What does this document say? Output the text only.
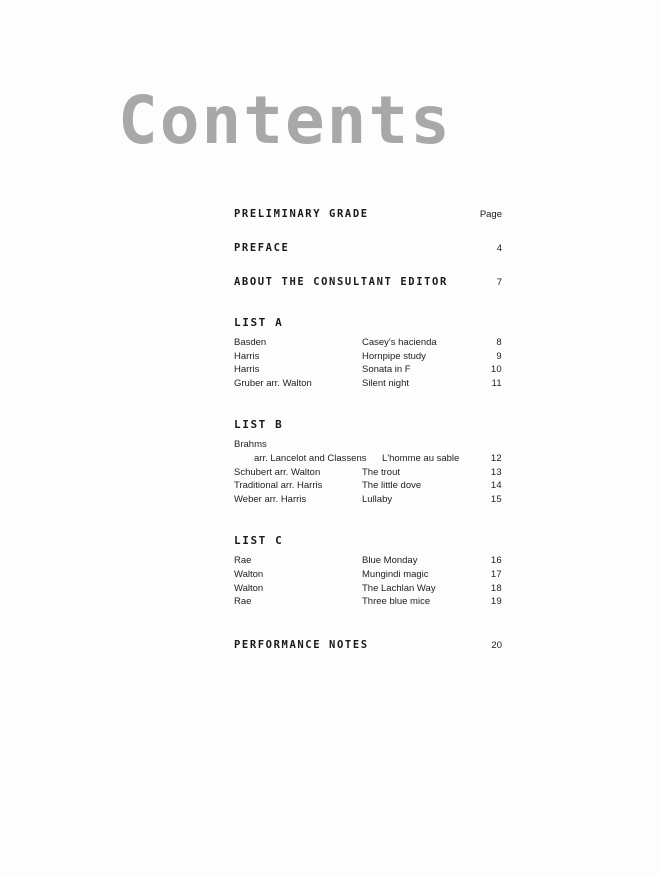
Contents
PRELIMINARY GRADE	Page
PREFACE	4
ABOUT THE CONSULTANT EDITOR	7
LIST A
Basden	Casey's hacienda	8
Harris	Hornpipe study	9
Harris	Sonata in F	10
Gruber arr. Walton	Silent night	11
LIST B
Brahms
arr. Lancelot and Classens	L'homme au sable	12
Schubert arr. Walton	The trout	13
Traditional arr. Harris	The little dove	14
Weber arr. Harris	Lullaby	15
LIST C
Rae	Blue Monday	16
Walton	Mungindi magic	17
Walton	The Lachlan Way	18
Rae	Three blue mice	19
PERFORMANCE NOTES	20
